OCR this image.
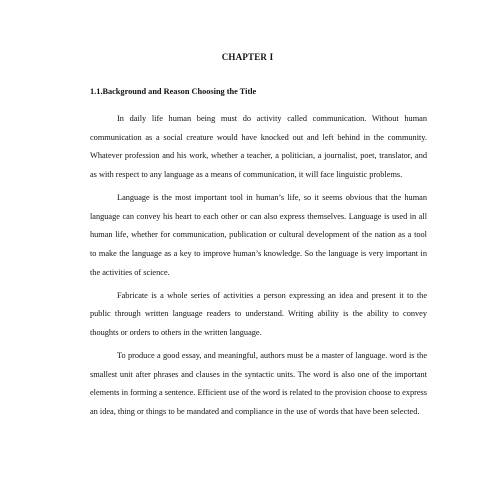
CHAPTER I
1.1.Background and Reason Choosing the Title

In daily life human being must do activity called communication. Without human communication as a social creature would have knocked out and left behind in the community. Whatever profession and his work, whether a teacher, a politician, a journalist, poet, translator, and as with respect to any language as a means of communication, it will face linguistic problems.

Language is the most important tool in human’s life, so it seems obvious that the human language can convey his heart to each other or can also express themselves. Language is used in all human life, whether for communication, publication or cultural development of the nation as a tool to make the language as a key to improve human’s knowledge. So the language is very important in the activities of science.

Fabricate is a whole series of activities a person expressing an idea and present it to the public through written language readers to understand. Writing ability is the ability to convey thoughts or orders to others in the written language.

To produce a good essay, and meaningful, authors must be a master of language. word is the smallest unit after phrases and clauses in the syntactic units. The word is also one of the important elements in forming a sentence. Efficient use of the word is related to the provision choose to express an idea, thing or things to be mandated and compliance in the use of words that have been selected.
